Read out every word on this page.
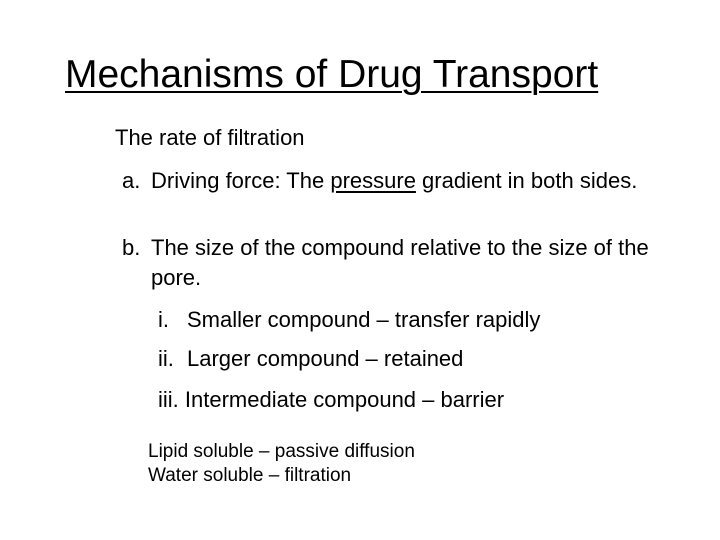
Mechanisms of Drug Transport
The rate of filtration
a. Driving force: The pressure gradient in both sides.
b. The size of the compound relative to the size of the pore.
i. Smaller compound – transfer rapidly
ii. Larger compound – retained
iii. Intermediate compound – barrier
Lipid soluble – passive diffusion
Water soluble – filtration
